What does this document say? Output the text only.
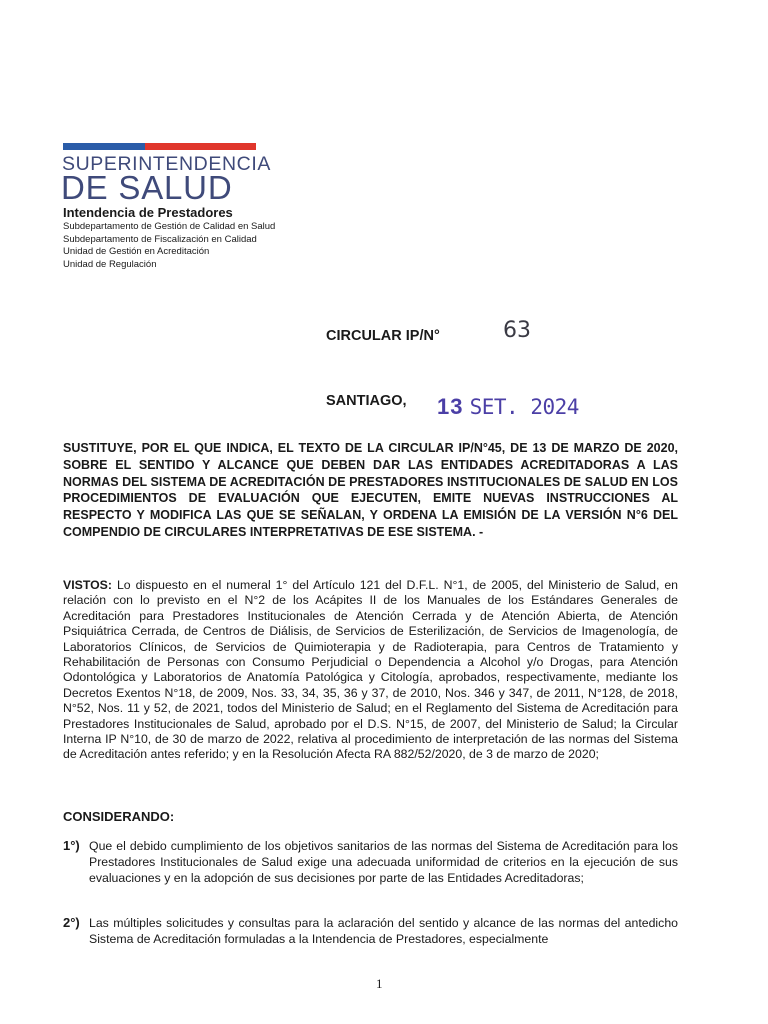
SUPERINTENDENCIA
DE SALUD
Intendencia de Prestadores
Subdepartamento de Gestión de Calidad en Salud
Subdepartamento de Fiscalización en Calidad
Unidad de Gestión en Acreditación
Unidad de Regulación
CIRCULAR IP/N°	63
SANTIAGO, 13 SET. 2024
SUSTITUYE, POR EL QUE INDICA, EL TEXTO DE LA CIRCULAR IP/N°45, DE 13 DE MARZO DE 2020, SOBRE EL SENTIDO Y ALCANCE QUE DEBEN DAR LAS ENTIDADES ACREDITADORAS A LAS NORMAS DEL SISTEMA DE ACREDITACIÓN DE PRESTADORES INSTITUCIONALES DE SALUD EN LOS PROCEDIMIENTOS DE EVALUACIÓN QUE EJECUTEN, EMITE NUEVAS INSTRUCCIONES AL RESPECTO Y MODIFICA LAS QUE SE SEÑALAN, Y ORDENA LA EMISIÓN DE LA VERSIÓN N°6 DEL COMPENDIO DE CIRCULARES INTERPRETATIVAS DE ESE SISTEMA. -
VISTOS: Lo dispuesto en el numeral 1° del Artículo 121 del D.F.L. N°1, de 2005, del Ministerio de Salud, en relación con lo previsto en el N°2 de los Acápites II de los Manuales de los Estándares Generales de Acreditación para Prestadores Institucionales de Atención Cerrada y de Atención Abierta, de Atención Psiquiátrica Cerrada, de Centros de Diálisis, de Servicios de Esterilización, de Servicios de Imagenología, de Laboratorios Clínicos, de Servicios de Quimioterapia y de Radioterapia, para Centros de Tratamiento y Rehabilitación de Personas con Consumo Perjudicial o Dependencia a Alcohol y/o Drogas, para Atención Odontológica y Laboratorios de Anatomía Patológica y Citología, aprobados, respectivamente, mediante los Decretos Exentos N°18, de 2009, Nos. 33, 34, 35, 36 y 37, de 2010, Nos. 346 y 347, de 2011, N°128, de 2018, N°52, Nos. 11 y 52, de 2021, todos del Ministerio de Salud; en el Reglamento del Sistema de Acreditación para Prestadores Institucionales de Salud, aprobado por el D.S. N°15, de 2007, del Ministerio de Salud; la Circular Interna IP N°10, de 30 de marzo de 2022, relativa al procedimiento de interpretación de las normas del Sistema de Acreditación antes referido; y en la Resolución Afecta RA 882/52/2020, de 3 de marzo de 2020;
CONSIDERANDO:
1°) Que el debido cumplimiento de los objetivos sanitarios de las normas del Sistema de Acreditación para los Prestadores Institucionales de Salud exige una adecuada uniformidad de criterios en la ejecución de sus evaluaciones y en la adopción de sus decisiones por parte de las Entidades Acreditadoras;
2°) Las múltiples solicitudes y consultas para la aclaración del sentido y alcance de las normas del antedicho Sistema de Acreditación formuladas a la Intendencia de Prestadores, especialmente
1
